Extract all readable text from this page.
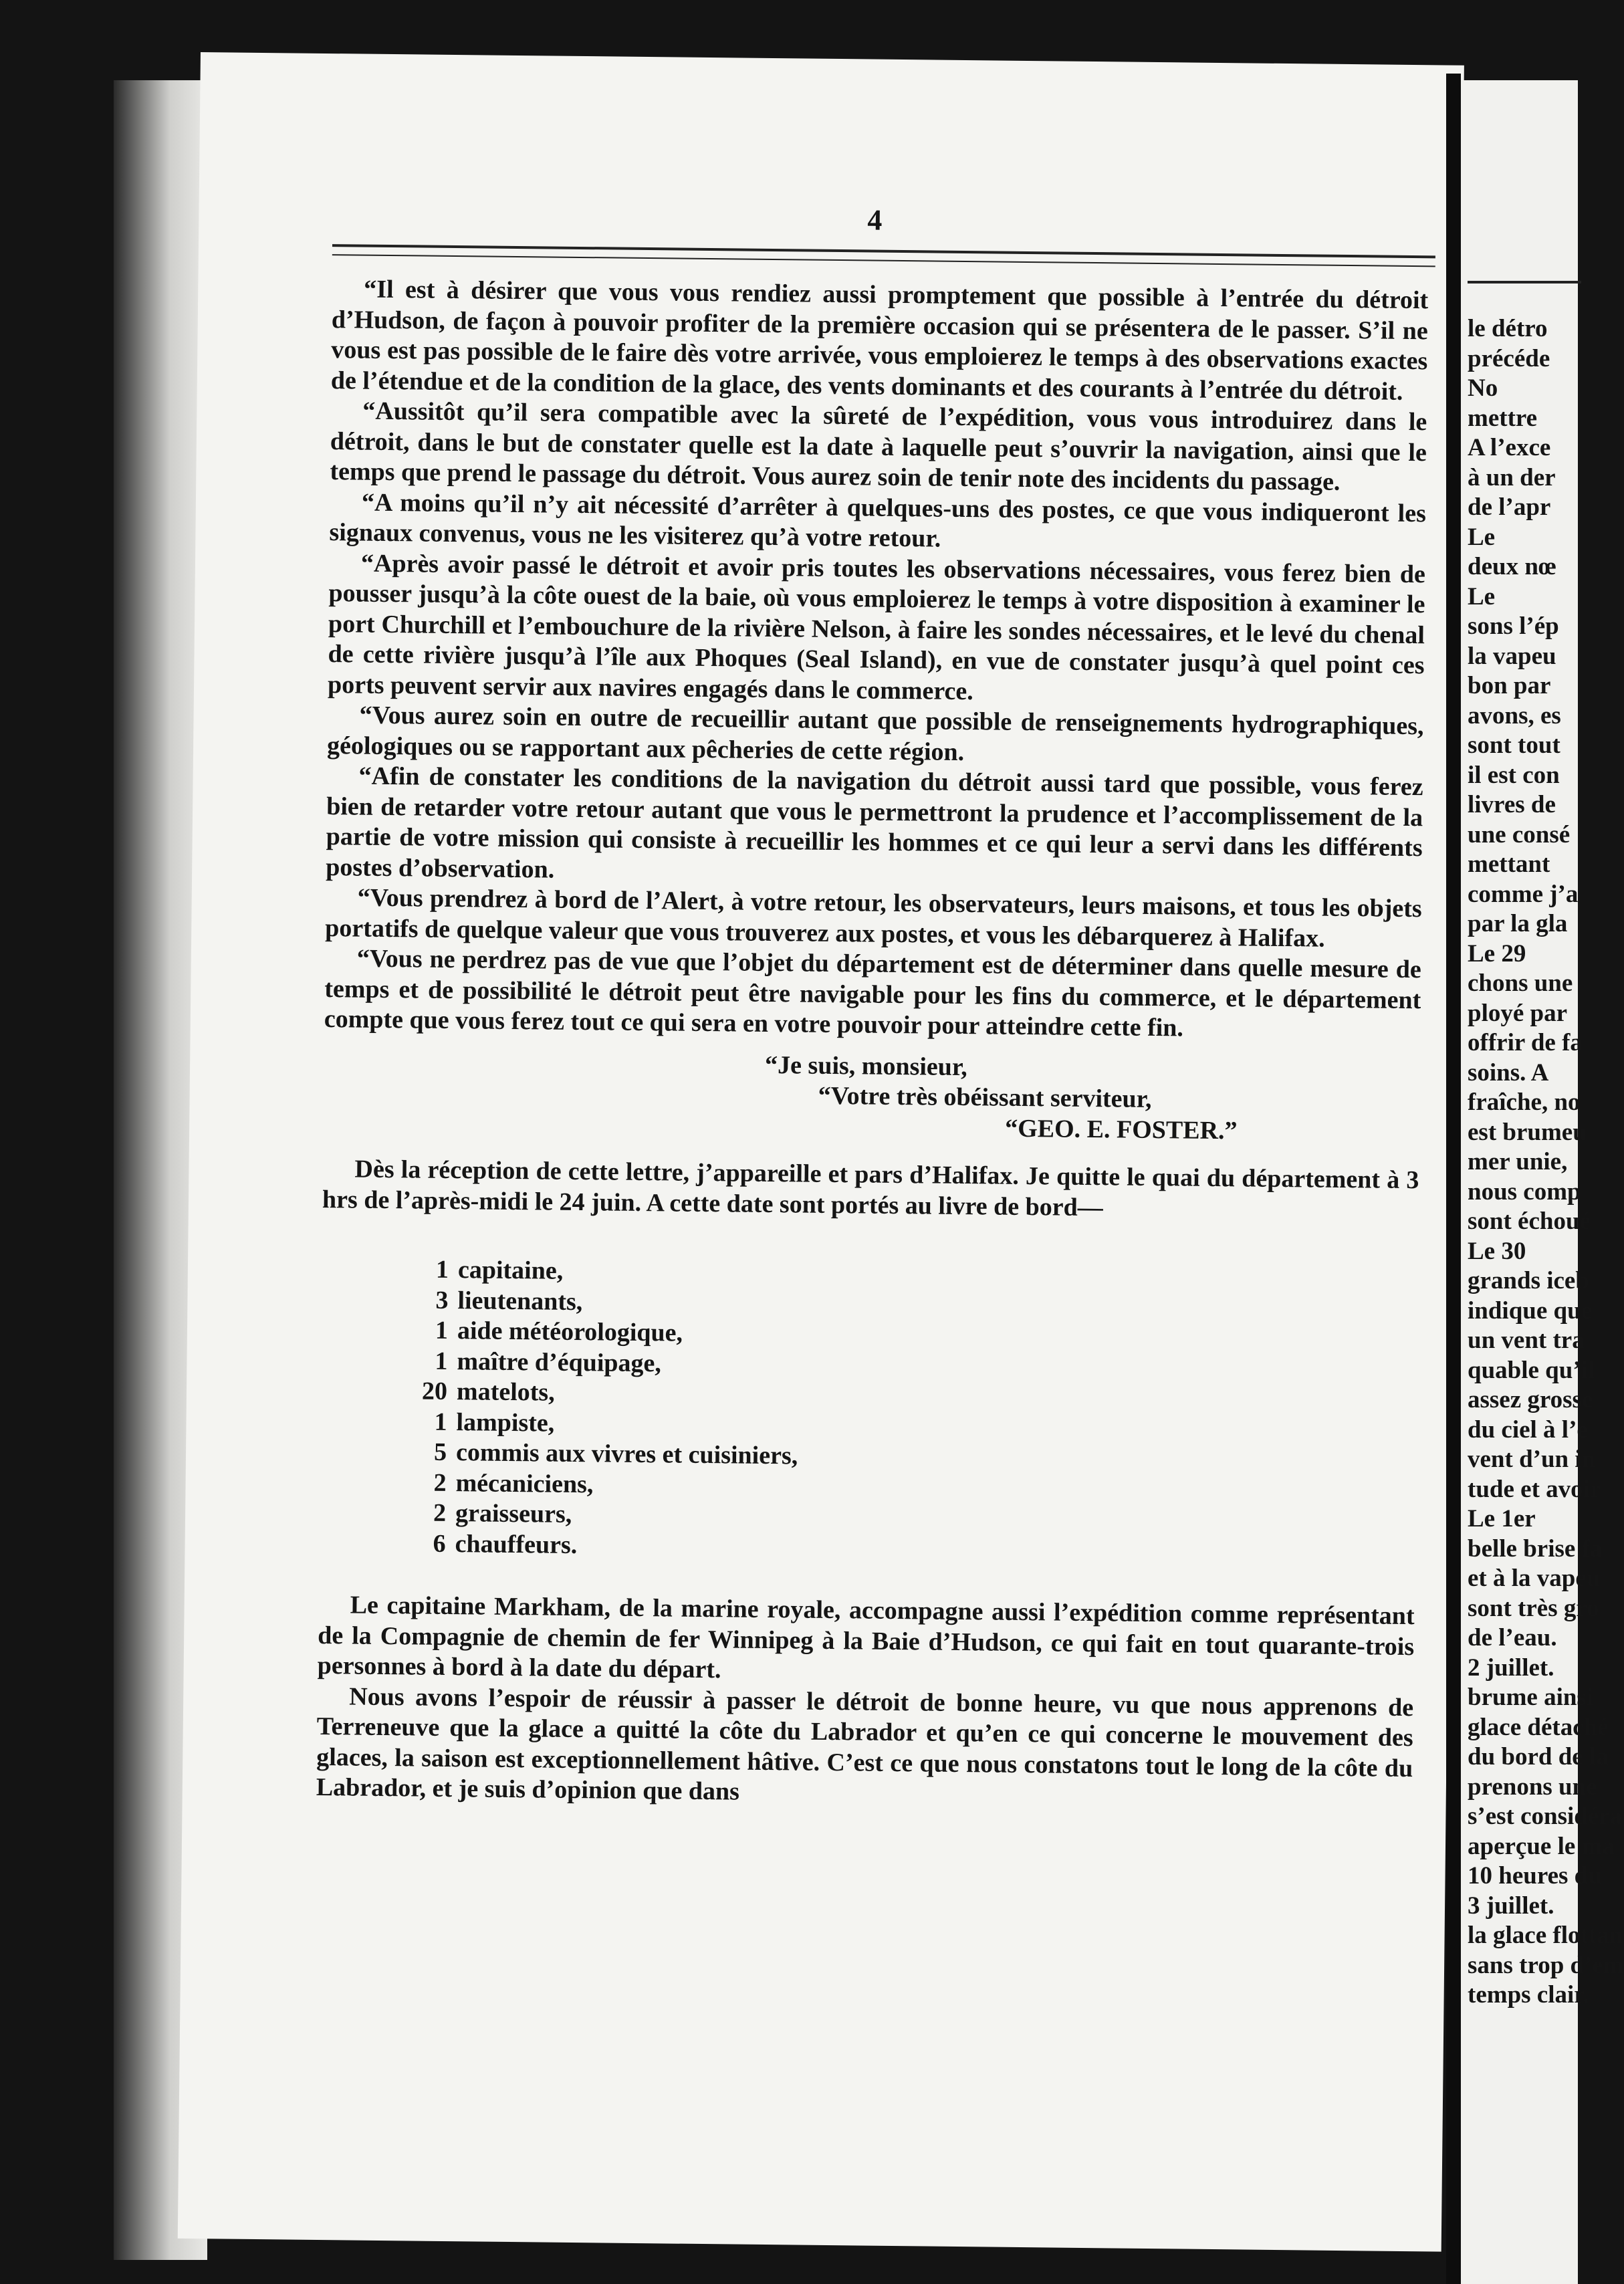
4

“Il est à désirer que vous vous rendiez aussi promptement que possible à l’entrée du détroit d’Hudson, de façon à pouvoir profiter de la première occasion qui se présentera de le passer. S’il ne vous est pas possible de le faire dès votre arrivée, vous emploierez le temps à des observations exactes de l’étendue et de la condition de la glace, des vents dominants et des courants à l’entrée du détroit.

“Aussitôt qu’il sera compatible avec la sûreté de l’expédition, vous vous introduirez dans le détroit, dans le but de constater quelle est la date à laquelle peut s’ouvrir la navigation, ainsi que le temps que prend le passage du détroit. Vous aurez soin de tenir note des incidents du passage.

“A moins qu’il n’y ait nécessité d’arrêter à quelques-uns des postes, ce que vous indiqueront les signaux convenus, vous ne les visiterez qu’à votre retour.

“Après avoir passé le détroit et avoir pris toutes les observations nécessaires, vous ferez bien de pousser jusqu’à la côte ouest de la baie, où vous emploierez le temps à votre disposition à examiner le port Churchill et l’embouchure de la rivière Nelson, à faire les sondes nécessaires, et le levé du chenal de cette rivière jusqu’à l’île aux Phoques (Seal Island), en vue de constater jusqu’à quel point ces ports peuvent servir aux navires engagés dans le commerce.

“Vous aurez soin en outre de recueillir autant que possible de renseignements hydrographiques, géologiques ou se rapportant aux pêcheries de cette région.

“Afin de constater les conditions de la navigation du détroit aussi tard que possible, vous ferez bien de retarder votre retour autant que vous le permettront la prudence et l’accomplissement de la partie de votre mission qui consiste à recueillir les hommes et ce qui leur a servi dans les différents postes d’observation.

“Vous prendrez à bord de l’Alert, à votre retour, les observateurs, leurs maisons, et tous les objets portatifs de quelque valeur que vous trouverez aux postes, et vous les débarquerez à Halifax.

“Vous ne perdrez pas de vue que l’objet du département est de déterminer dans quelle mesure de temps et de possibilité le détroit peut être navigable pour les fins du commerce, et le département compte que vous ferez tout ce qui sera en votre pouvoir pour atteindre cette fin.

“Je suis, monsieur,
“Votre très obéissant serviteur,
“GEO. E. FOSTER.”

Dès la réception de cette lettre, j’appareille et pars d’Halifax. Je quitte le quai du département à 3 hrs de l’après-midi le 24 juin. A cette date sont portés au livre de bord—

1 capitaine,
3 lieutenants,
1 aide météorologique,
1 maître d’équipage,
20 matelots,
1 lampiste,
5 commis aux vivres et cuisiniers,
2 mécaniciens,
2 graisseurs,
6 chauffeurs.

Le capitaine Markham, de la marine royale, accompagne aussi l’expédition comme représentant de la Compagnie de chemin de fer Winnipeg à la Baie d’Hudson, ce qui fait en tout quarante-trois personnes à bord à la date du départ.

Nous avons l’espoir de réussir à passer le détroit de bonne heure, vu que nous apprenons de Terreneuve que la glace a quitté la côte du Labrador et qu’en ce qui concerne le mouvement des glaces, la saison est exceptionnellement hâtive. C’est ce que nous constatons tout le long de la côte du Labrador, et je suis d’opinion que dans

le détro
précéde
No
mettre
A l’exce
à un der
de l’apr
Le
deux nœ
Le
sons l’ép
la vapeu
bon par
avons, es
sont tout
il est con
livres de
une consé
mettant
comme j’a
par la gla
Le 29
chons une
ployé par
offrir de fa
soins. A
fraîche, no
est brumeu
mer unie,
nous comp
sont échoué
Le 30
grands iceb
indique que
un vent tra
quable qu’il
assez grosse
du ciel à l’e
vent d’un in
tude et avoir
Le 1er
belle brise fa
et à la vapeu
sont très gro
de l’eau.
2 juillet.
brume ainsi
glace détaché
du bord de la
prenons une
s’est considéra
aperçue le ma
10 heures du
3 juillet.
la glace flottan
sans trop d’em
temps clair.
